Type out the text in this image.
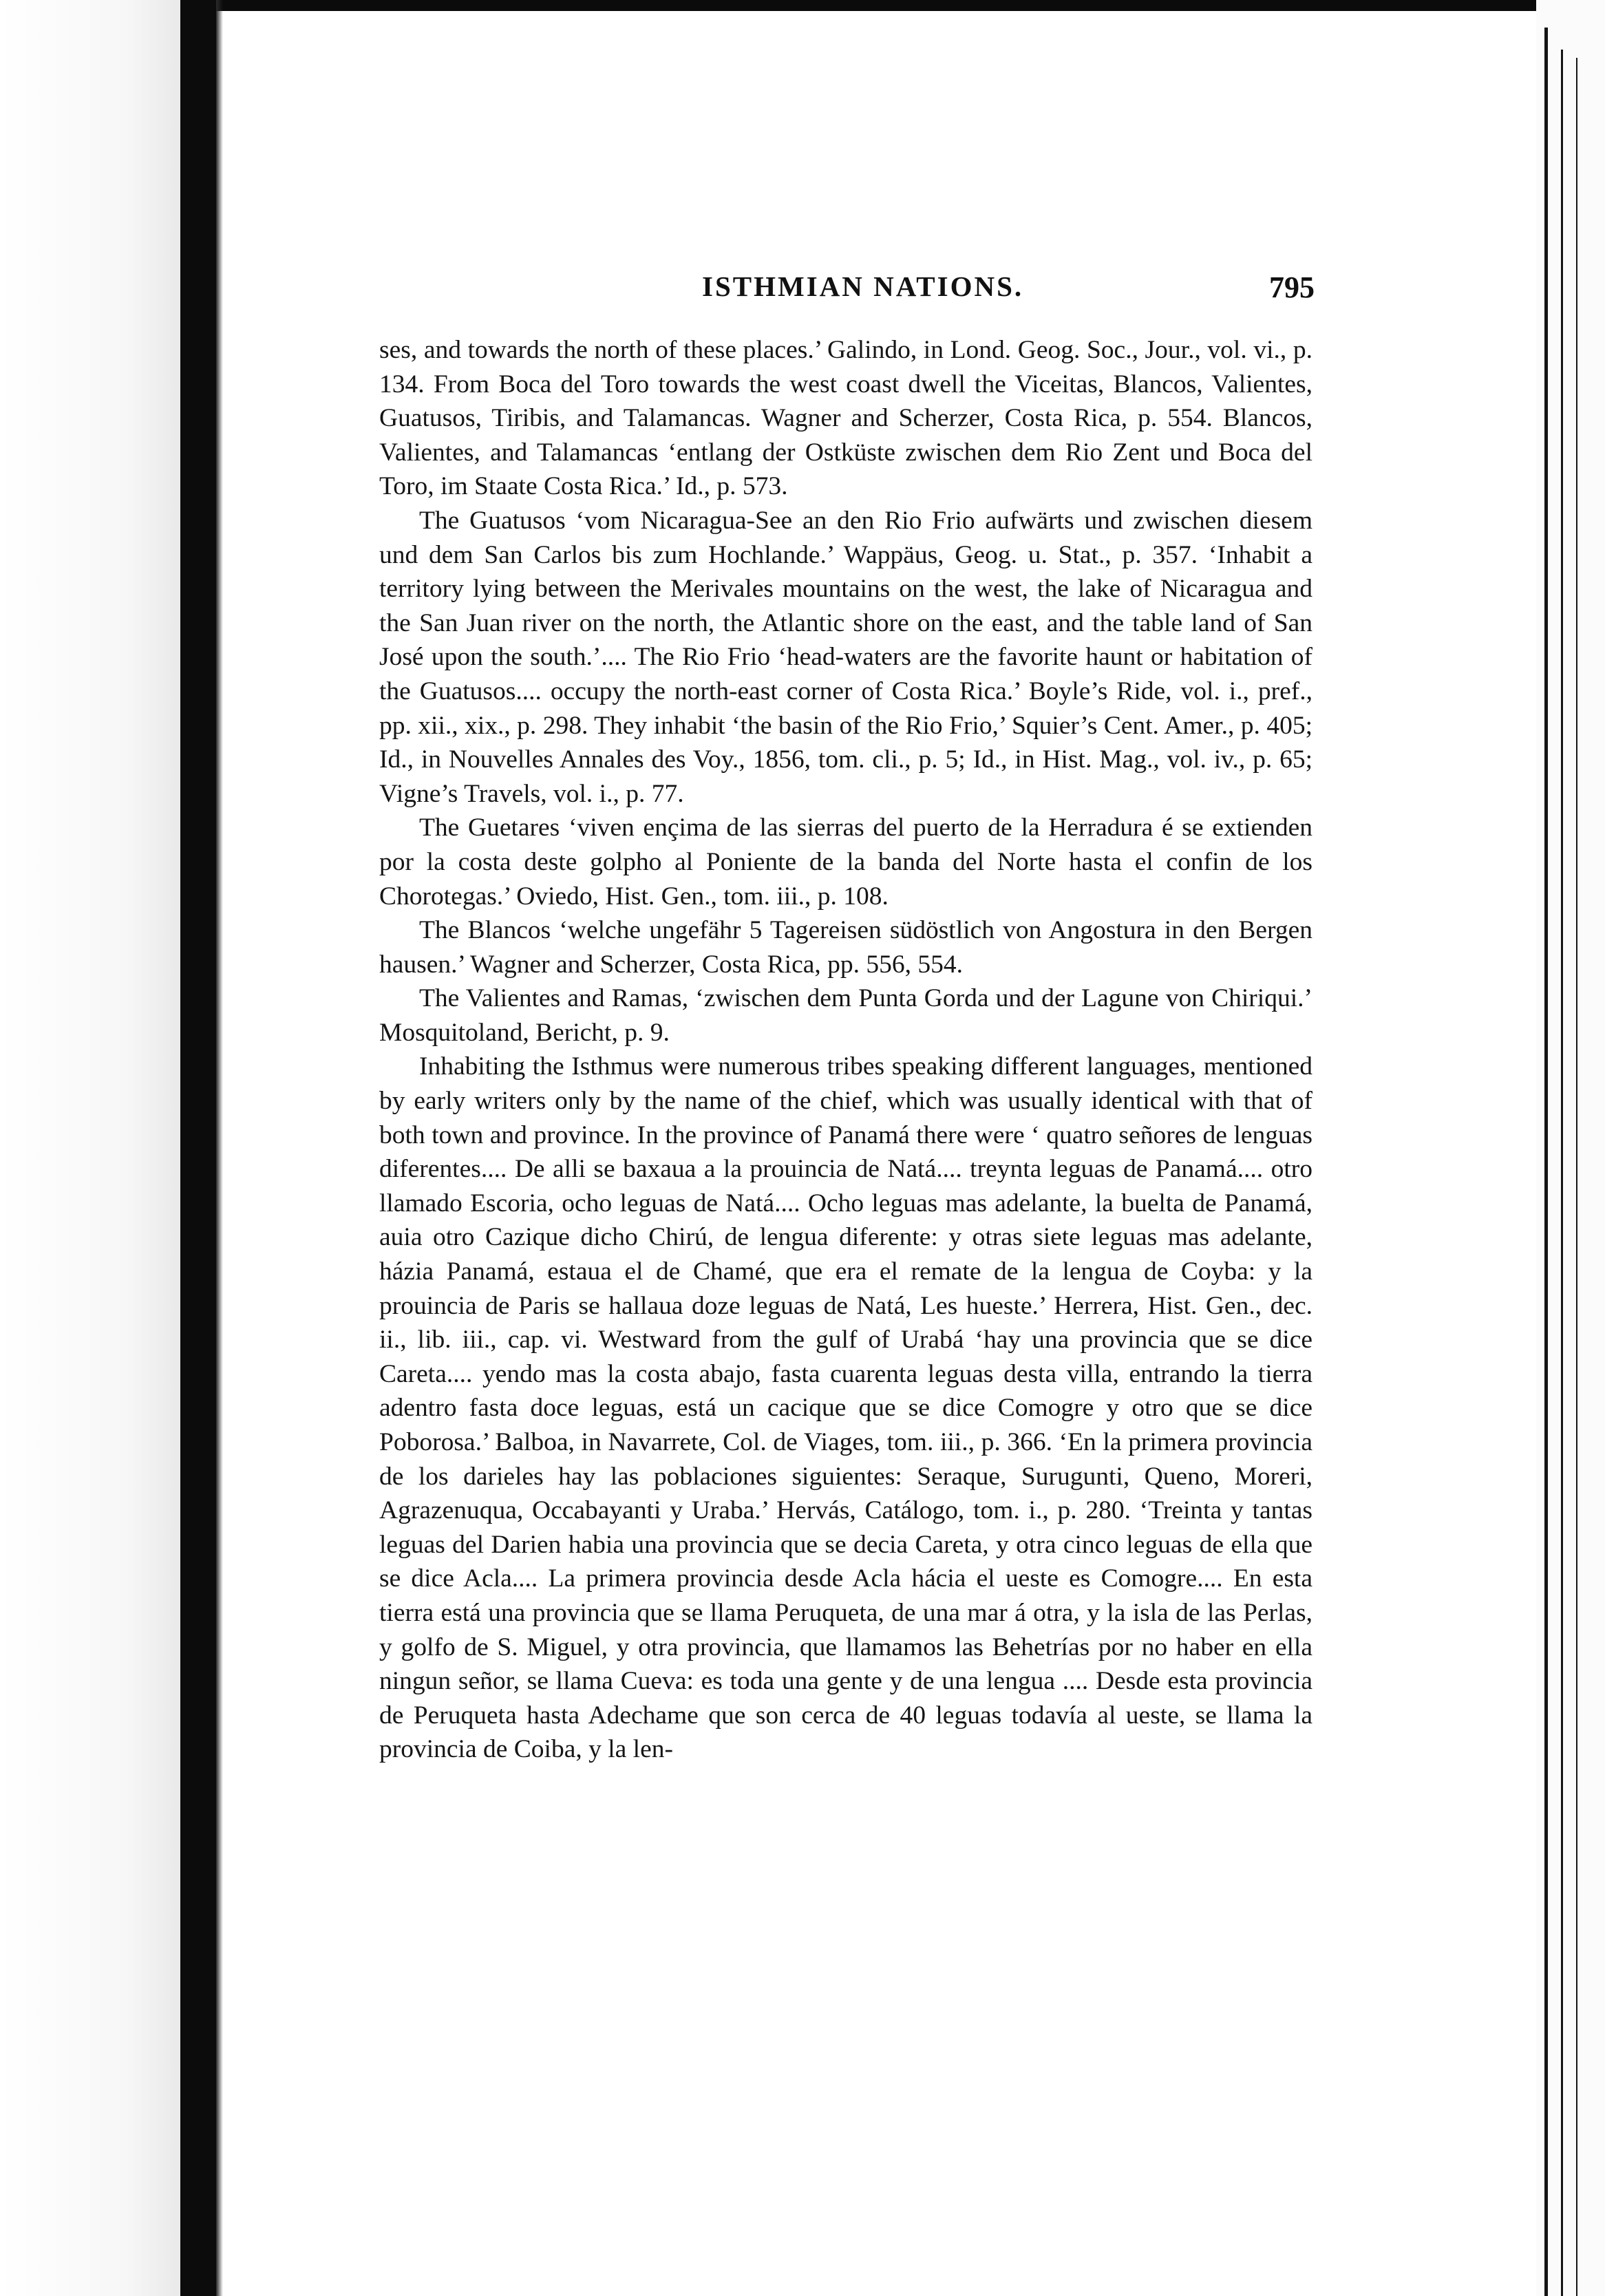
ISTHMIAN NATIONS.	795

ses, and towards the north of these places.’ Galindo, in Lond. Geog. Soc., Jour., vol. vi., p. 134. From Boca del Toro towards the west coast dwell the Viceitas, Blancos, Valientes, Guatusos, Tiribis, and Talamancas. Wagner and Scherzer, Costa Rica, p. 554. Blancos, Valientes, and Talamancas ‘entlang der Ostküste zwischen dem Rio Zent und Boca del Toro, im Staate Costa Rica.’ Id., p. 573.

The Guatusos ‘vom Nicaragua-See an den Rio Frio aufwärts und zwischen diesem und dem San Carlos bis zum Hochlande.’ Wappäus, Geog. u. Stat., p. 357. ‘Inhabit a territory lying between the Merivales mountains on the west, the lake of Nicaragua and the San Juan river on the north, the Atlantic shore on the east, and the table land of San José upon the south.’.... The Rio Frio ‘head-waters are the favorite haunt or habitation of the Guatusos.... occupy the north-east corner of Costa Rica.’ Boyle’s Ride, vol. i., pref., pp. xii., xix., p. 298. They inhabit ‘the basin of the Rio Frio,’ Squier’s Cent. Amer., p. 405; Id., in Nouvelles Annales des Voy., 1856, tom. cli., p. 5; Id., in Hist. Mag., vol. iv., p. 65; Vigne’s Travels, vol. i., p. 77.

The Guetares ‘viven ençima de las sierras del puerto de la Herradura é se extienden por la costa deste golpho al Poniente de la banda del Norte hasta el confin de los Chorotegas.’ Oviedo, Hist. Gen., tom. iii., p. 108.

The Blancos ‘welche ungefähr 5 Tagereisen südöstlich von Angostura in den Bergen hausen.’ Wagner and Scherzer, Costa Rica, pp. 556, 554.

The Valientes and Ramas, ‘zwischen dem Punta Gorda und der Lagune von Chiriqui.’ Mosquitoland, Bericht, p. 9.

Inhabiting the Isthmus were numerous tribes speaking different languages, mentioned by early writers only by the name of the chief, which was usually identical with that of both town and province. In the province of Panamá there were ‘ quatro señores de lenguas diferentes.... De alli se baxaua a la prouincia de Natá.... treynta leguas de Panamá.... otro llamado Escoria, ocho leguas de Natá.... Ocho leguas mas adelante, la buelta de Panamá, auia otro Cazique dicho Chirú, de lengua diferente: y otras siete leguas mas adelante, házia Panamá, estaua el de Chamé, que era el remate de la lengua de Coyba: y la prouincia de Paris se hallaua doze leguas de Natá, Les hueste.’ Herrera, Hist. Gen., dec. ii., lib. iii., cap. vi. Westward from the gulf of Urabá ‘hay una provincia que se dice Careta.... yendo mas la costa abajo, fasta cuarenta leguas desta villa, entrando la tierra adentro fasta doce leguas, está un cacique que se dice Comogre y otro que se dice Poborosa.’ Balboa, in Navarrete, Col. de Viages, tom. iii., p. 366. ‘En la primera provincia de los darieles hay las poblaciones siguientes: Seraque, Surugunti, Queno, Moreri, Agrazenuqua, Occabayanti y Uraba.’ Hervás, Catálogo, tom. i., p. 280. ‘Treinta y tantas leguas del Darien habia una provincia que se decia Careta, y otra cinco leguas de ella que se dice Acla.... La primera provincia desde Acla hácia el ueste es Comogre.... En esta tierra está una provincia que se llama Peruqueta, de una mar á otra, y la isla de las Perlas, y golfo de S. Miguel, y otra provincia, que llamamos las Behetrías por no haber en ella ningun señor, se llama Cueva: es toda una gente y de una lengua .... Desde esta provincia de Peruqueta hasta Adechame que son cerca de 40 leguas todavía al ueste, se llama la provincia de Coiba, y la len-
